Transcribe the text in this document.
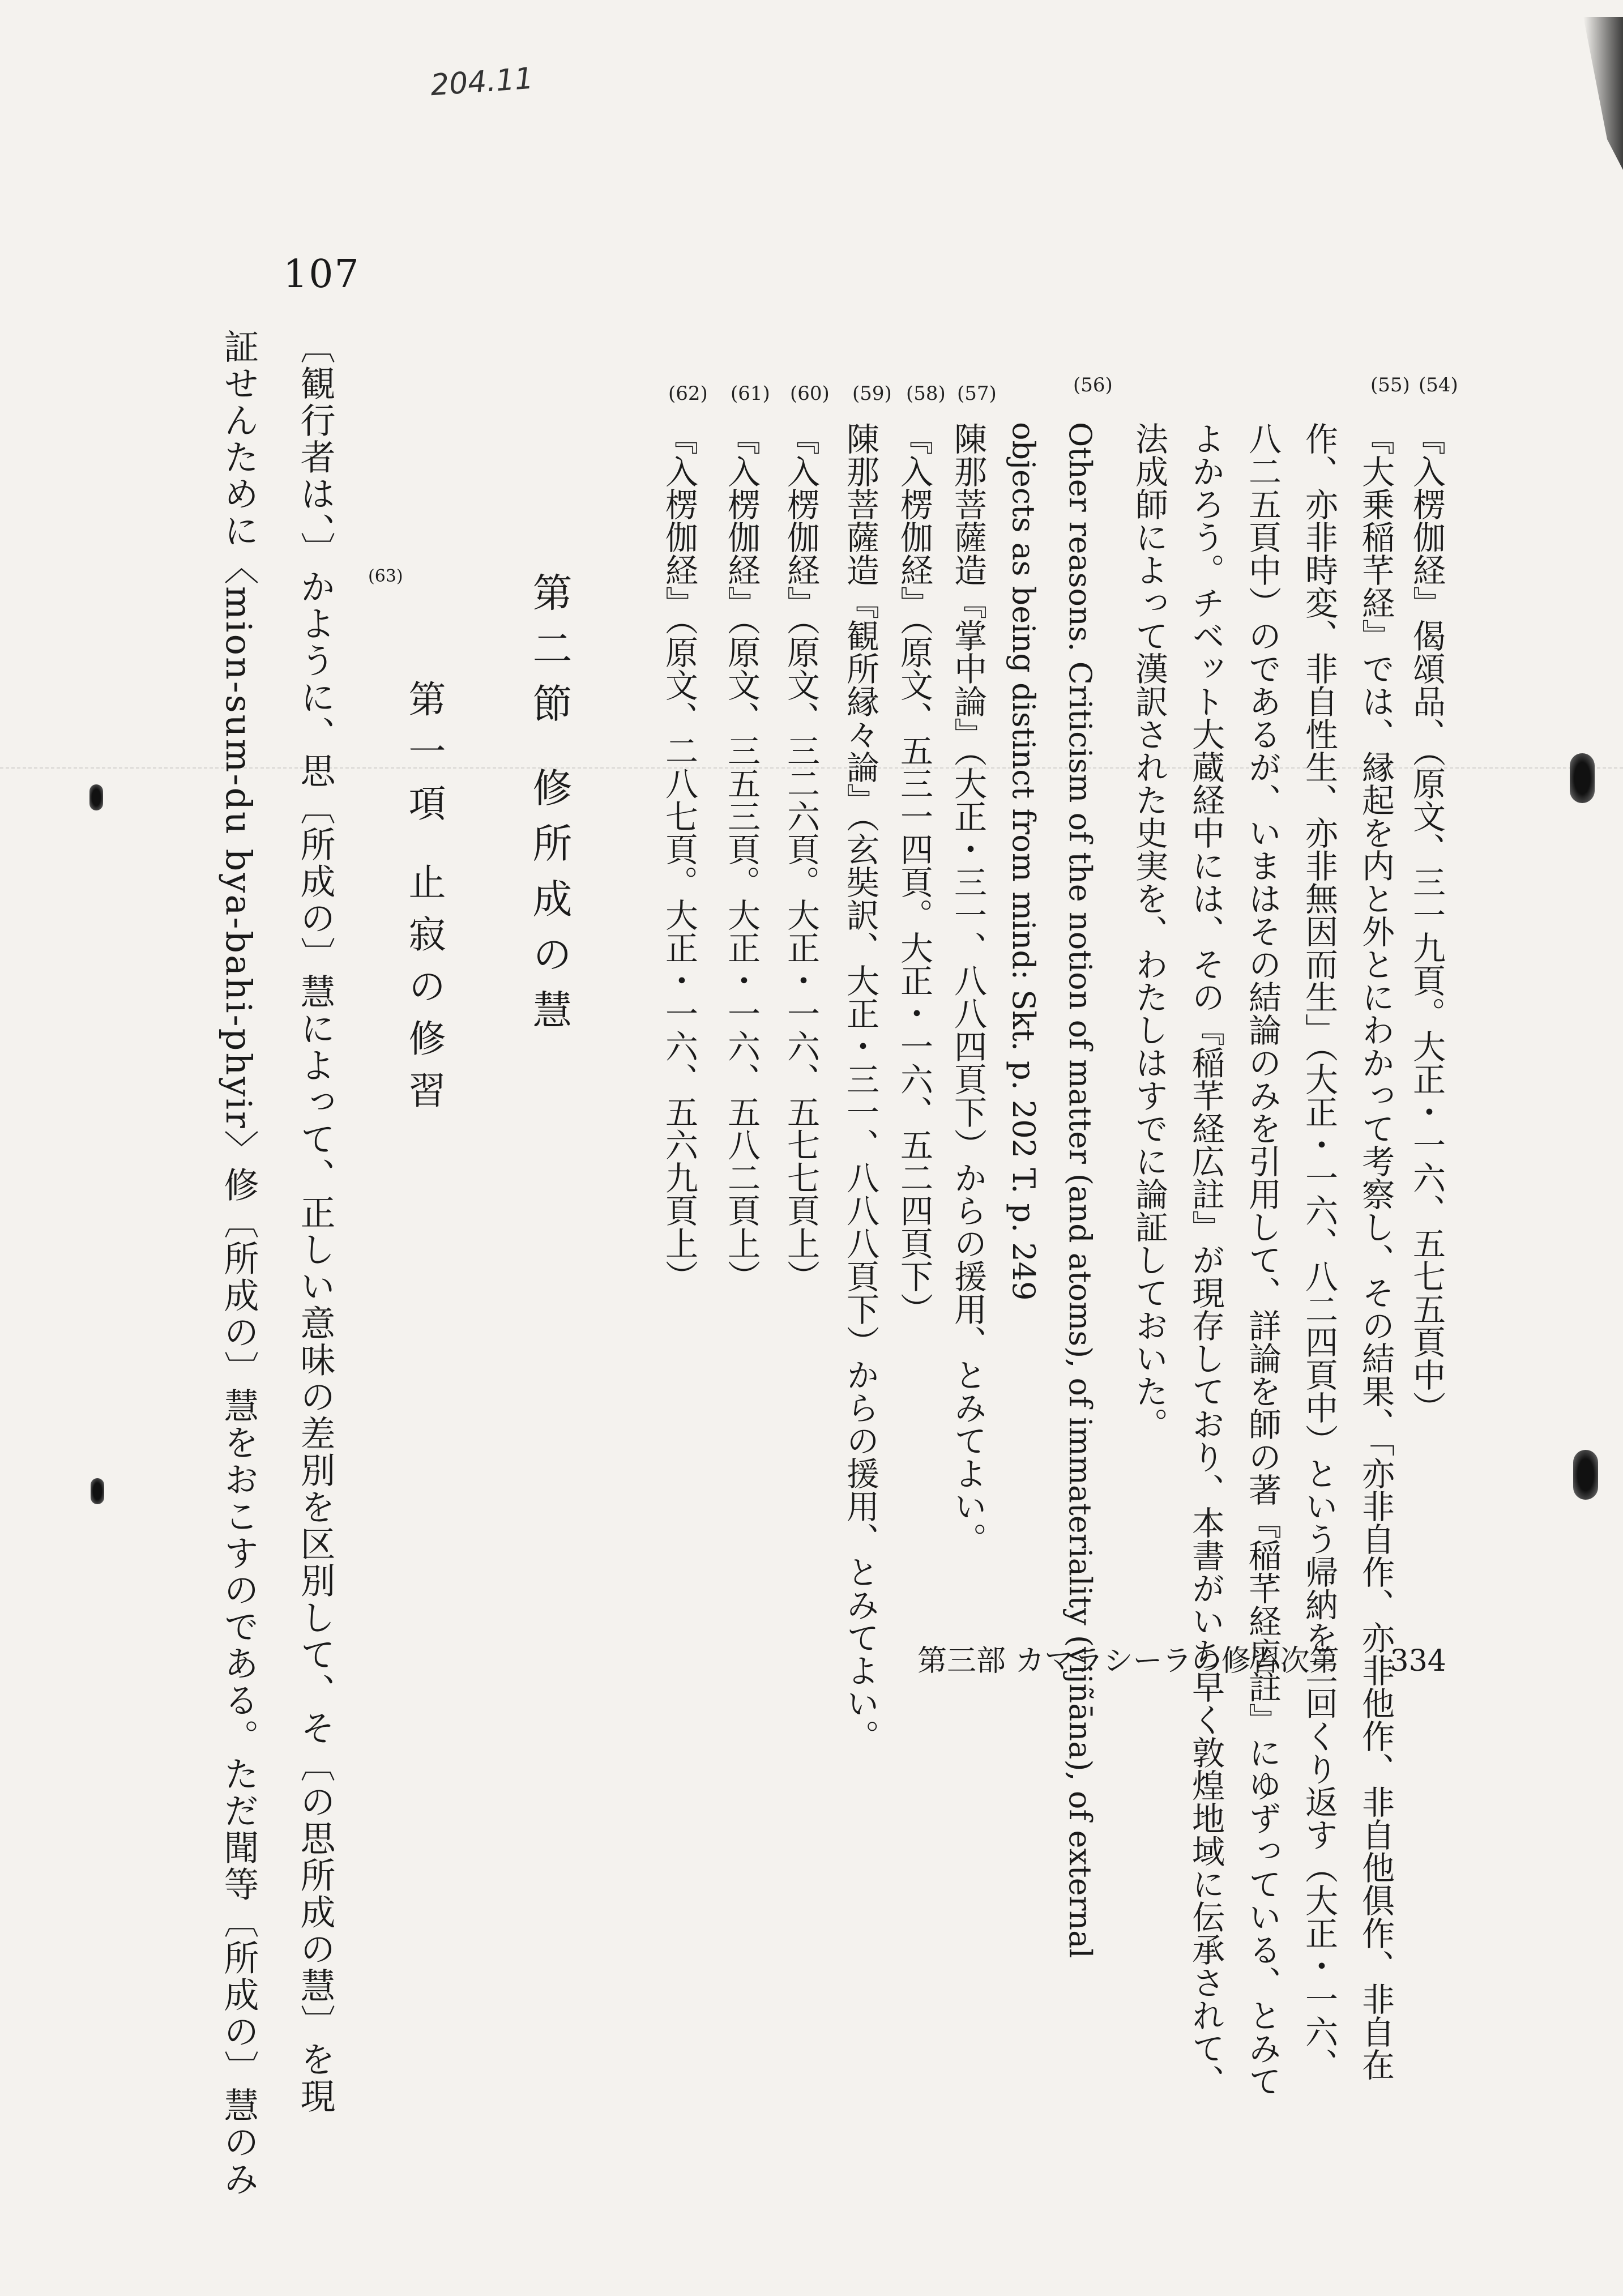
204.11
107
(54)
(55)
(56)
(57)
(58)
(59)
(60)
(61)
(62)
『入楞伽経』偈頌品、（原文、三一九頁。大正・一六、五七五頁中）
『大乗稲芊経』では、縁起を内と外とにわかって考察し、その結果、「亦非自作、亦非他作、非自他俱作、非自在
作、亦非時変、非自性生、亦非無因而生」（大正・一六、八二四頁中）という帰納を二回くり返す（大正・一六、
八二五頁中）のであるが、いまはその結論のみを引用して、詳論を師の著『稲芊経広註』にゆずっている、とみて
よかろう。チベット大蔵経中には、その『稲芊経広註』が現存しており、本書がいち早く敦煌地域に伝承されて、
法成師によって漢訳された史実を、わたしはすでに論証しておいた。
Other reasons. Criticism of the notion of matter (and atoms), of immateriality (vijñāna), of external
objects as being distinct from mind: Skt. p. 202 T. p. 249
陳那菩薩造『掌中論』（大正・三一、八八四頁下）からの援用、とみてよい。
『入楞伽経』（原文、五三一四頁。大正・一六、五二四頁下）
陳那菩薩造『観所縁々論』（玄奘訳、大正・三一、八八八頁下）からの援用、とみてよい。
『入楞伽経』（原文、三二六頁。大正・一六、五七七頁上）
『入楞伽経』（原文、三五三頁。大正・一六、五八二頁上）
『入楞伽経』（原文、二八七頁。大正・一六、五六九頁上）
第二節 修所成の慧
第一項 止寂の修習
〔観行者は、〕かように、思〔所成の〕慧によって、正しい意味の差別を区別して、そ〔の思所成の慧〕を現 (63)
証せんために〈mion-sum-du bya-bahi-phyir〉修〔所成の〕慧をおこすのである。ただ聞等〔所成の〕慧のみ	第三部 カマラシーラの修習次第 334
